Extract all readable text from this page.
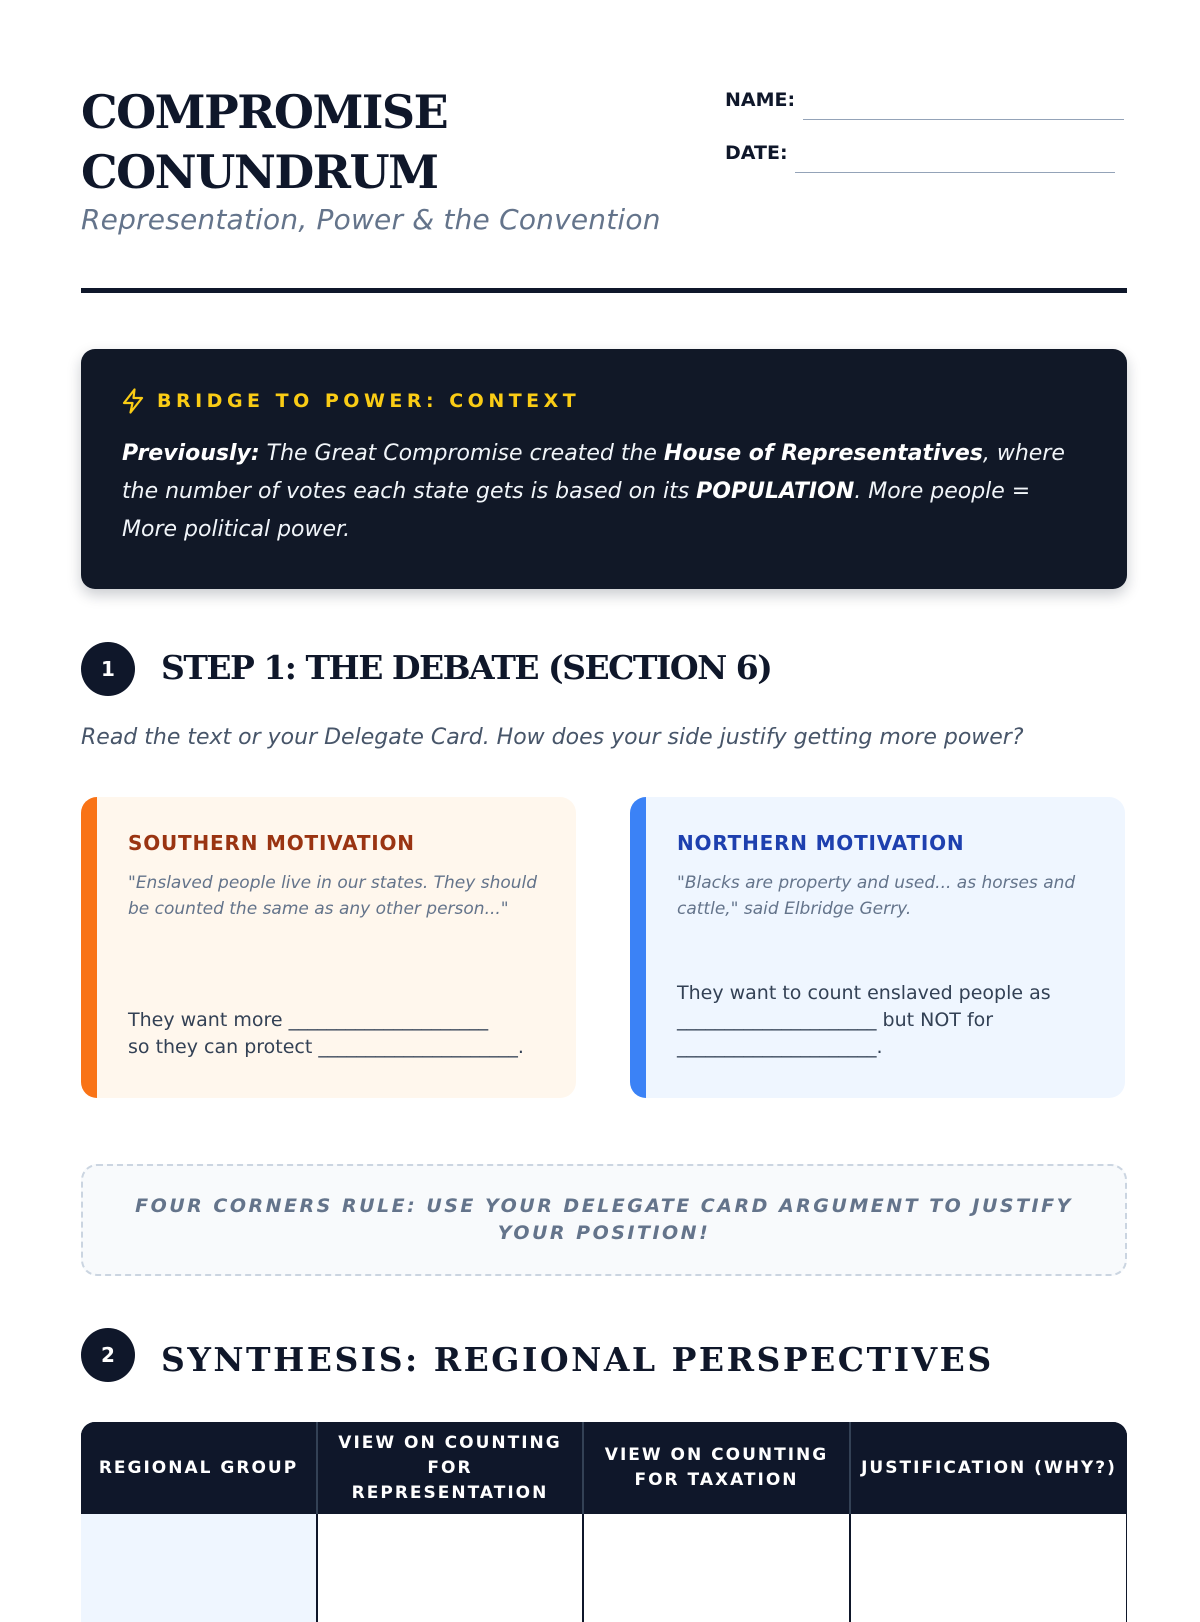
COMPROMISE
CONUNDRUM

Representation, Power & the Convention

NAME:
DATE:
BRIDGE TO POWER: CONTEXT

Previously: The Great Compromise created the House of Representatives, where the number of votes each state gets is based on its POPULATION. More people = More political power.

1	STEP 1: THE DEBATE (SECTION 6)

Read the text or your Delegate Card. How does your side justify getting more power?

SOUTHERN MOTIVATION

"Enslaved people live in our states. They should be counted the same as any other person..."

They want more _____________________
so they can protect _____________________.

NORTHERN MOTIVATION

"Blacks are property and used... as horses and cattle," said Elbridge Gerry.

They want to count enslaved people as
_____________________ but NOT for
_____________________.

FOUR CORNERS RULE: USE YOUR DELEGATE CARD ARGUMENT TO JUSTIFY YOUR POSITION!

2	SYNTHESIS: REGIONAL PERSPECTIVES
REGIONAL GROUP	VIEW ON COUNTING FOR REPRESENTATION	VIEW ON COUNTING FOR TAXATION	JUSTIFICATION (WHY?)
